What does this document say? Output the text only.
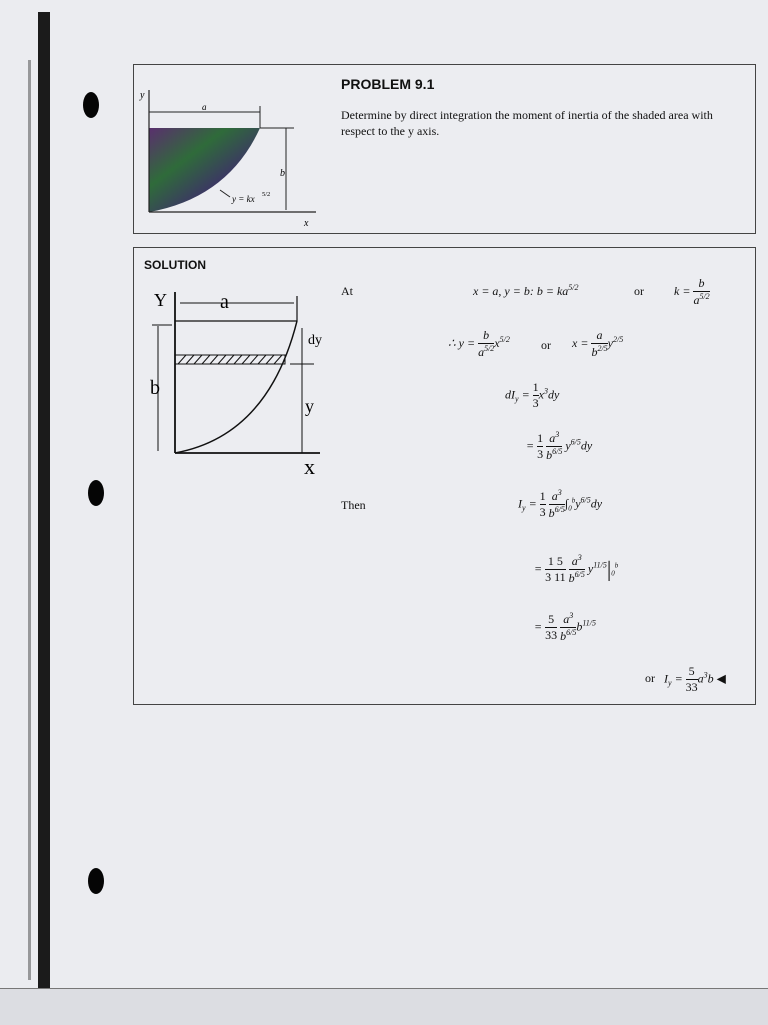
y
x
a
b
y = kx 5/2
PROBLEM 9.1
Determine by direct integration the moment of inertia of the shaded area with respect to the y axis.
SOLUTION
Y	a
dy
b
y
x
At
Then
x = a, y = b: $b = ka^{5/2}$	or	$k = \frac{b}{a^{5/2}}$
∴ $y = \frac{b}{a^{5/2}} x^{5/2}$	or $x = \frac{a}{b^{2/5}} y^{2/5}$
$dI_y = \frac{1}{3} x^3dy$
= $\frac{1}{3}$
$\frac{a^3}{b^{6/5}} y^{6/5}dy$
$I_y = \frac{1}{3}$
$\frac{a^3}{b^{6/5}} \int_0^by^{6/5}dy$
= $\frac{1 5}{3 11}$
$\frac{a^3}{b^{6/5}} y^{11/5}|_0^b$
= $\frac{5}{33}$
$\frac{a^3}{b^{6/5}} b^{11/5}$
or $I_y = \frac{5}{33} a^3b$ ◀
